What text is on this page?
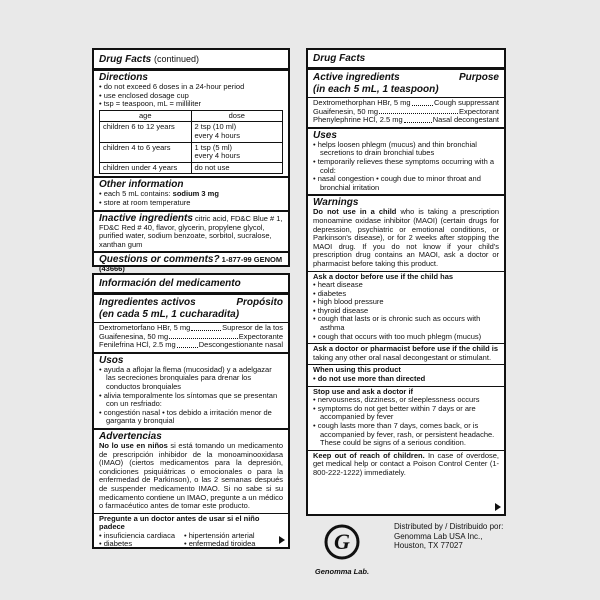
Drug Facts (continued)
Directions
• do not exceed 6 doses in a 24-hour period
• use enclosed dosage cup
• tsp = teaspoon, mL = milliliter
age	dose
children 6 to 12 years	2 tsp (10 ml)
every 4 hours

children 4 to 6 years	1 tsp (5 ml)
every 4 hours

children under 4 years	do not use
Other information
• each 5 mL contains: sodium 3 mg
• store at room temperature
Inactive ingredients citric acid, FD&C Blue # 1, FD&C Red # 40, flavor, glycerin, propylene glycol, purified water, sodium benzoate, sorbitol, sucralose, xanthan gum
Questions or comments? 1-877-99 GENOM (43666)
Información del medicamento
Ingredientes activos	Propósito
(en cada 5 mL, 1 cucharadita)
Dextrometorfano HBr, 5 mg	Supresor de la tos
Guaifenesina, 50 mg	Expectorante
Fenilefrina HCl, 2.5 mg	Descongestionante nasal
Usos
• ayuda a aflojar la flema (mucosidad) y a adelgazar las secreciones bronquiales para drenar los conductos bronquiales
• alivia temporalmente los síntomas que se presentan con un resfriado:
• congestión nasal • tos debido a irritación menor de garganta y bronquial
Advertencias
No lo use en niños si está tomando un medicamento de prescripción inhibidor de la monoaminooxidasa (IMAO) (ciertos medicamentos para la depresión, condiciones psiquiátricas o emocionales o para la enfermedad de Parkinson), o las 2 semanas después de suspender medicamento IMAO. Si no sabe si su medicamento contiene un IMAO, pregunte a un médico o farmacéutico antes de tomar este producto.
Pregunte a un doctor antes de usar si el niño padece
• insuficiencia cardiaca	• hipertensión arterial
• diabetes	• enfermedad tiroidea
Drug Facts
Active ingredients	Purpose
(in each 5 mL, 1 teaspoon)
Dextromethorphan HBr, 5 mg	Cough suppressant
Guaifenesin, 50 mg	Expectorant
Phenylephrine HCl, 2.5 mg	Nasal decongestant
Uses
• helps loosen phlegm (mucus) and thin bronchial secretions to drain bronchial tubes
• temporarily relieves these symptoms occurring with a cold:
• nasal congestion • cough due to minor throat and bronchial irritation
Warnings
Do not use in a child who is taking a prescription monoamine oxidase inhibitor (MAOI) (certain drugs for depression, psychiatric or emotional conditions, or Parkinson's disease), or for 2 weeks after stopping the MAOI drug. If you do not know if your child's prescription drug contains an MAOI, ask a doctor or pharmacist before taking this product.
Ask a doctor before use if the child has
• heart disease
• diabetes
• high blood pressure
• thyroid disease
• cough that lasts or is chronic such as occurs with asthma
• cough that occurs with too much phlegm (mucus)
Ask a doctor or pharmacist before use if the child is taking any other oral nasal decongestant or stimulant.
When using this product
• do not use more than directed
Stop use and ask a doctor if
• nervousness, dizziness, or sleeplessness occurs
• symptoms do not get better within 7 days or are accompanied by fever
• cough lasts more than 7 days, comes back, or is accompanied by fever, rash, or persistent headache. These could be signs of a serious condition.
Keep out of reach of children. In case of overdose, get medical help or contact a Poison Control Center (1-800-222-1222) immediately.
G
Genomma Lab.
Distributed by / Distribuido por:
Genomma Lab USA Inc.,
Houston, TX 77027
